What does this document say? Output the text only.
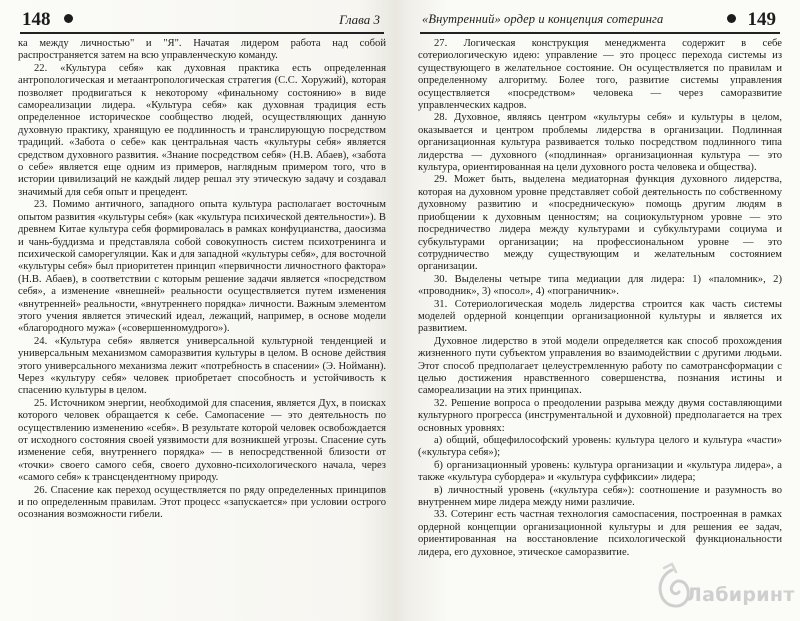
148	Глава 3

ка между личностью" и "Я". Начатая лидером работа над собой распространяется затем на всю управленческую команду.

22. «Культура себя» как духовная практика есть определенная антропологическая и метаантропологическая стратегия (С.С. Хоружий), которая позволяет продвигаться к некоторому «финальному состоянию» в виде самореализации лидера. «Культура себя» как духовная традиция есть определенное историческое сообщество людей, осуществляющих данную духовную практику, хранящую ее подлинность и транслирующую посредством традиций. «Забота о себе» как центральная часть «культуры себя» является средством духовного развития. «Знание посредством себя» (Н.В. Абаев), «забота о себе» является еще одним из примеров, наглядным примером того, что в истории цивилизаций не каждый лидер решал эту этическую задачу и создавал значимый для себя опыт и прецедент.

23. Помимо античного, западного опыта культура располагает восточным опытом развития «культуры себя» (как «культура психической деятельности»). В древнем Китае культура себя формировалась в рамках конфуцианства, даосизма и чань-буддизма и представляла собой совокупность систем психотренинга и психической саморегуляции. Как и для западной «культуры себя», для восточной «культуры себя» был приоритетен принцип «первичности личностного фактора» (Н.В. Абаев), в соответствии с которым решение задачи является «посредством себя», а изменение «внешней» реальности осуществляется путем изменения «внутренней» реальности, «внутреннего порядка» личности. Важным элементом этого учения является этический идеал, лежащий, например, в основе модели «благородного мужа» («совершенномудрого»).

24. «Культура себя» является универсальной культурной тенденцией и универсальным механизмом саморазвития культуры в целом. В основе действия этого универсального механизма лежит «потребность в спасении» (Э. Нойманн). Через «культуру себя» человек приобретает способность и устойчивость к спасению культуры в целом.

25. Источником энергии, необходимой для спасения, является Дух, в поисках которого человек обращается к себе. Самопасение — это деятельность по осуществлению изменению «себя». В результате которой человек освобождается от исходного состояния своей уязвимости для возникшей угрозы. Спасение суть изменение себя, внутреннего порядка» — в непосредственной близости от «точки» своего самого себя, своего духовно-психологического начала, через «самого себя» к трансцендентному природу.

26. Спасение как переход осуществляется по ряду определенных принципов и по определенным правилам. Этот процесс «запускается» при условии острого осознания возможности гибели.

«Внутренний» ордер и концепция сотеринга	149

27. Логическая конструкция менеджмента содержит в себе сотериологическую идею: управление — это процесс перехода системы из существующего в желательное состояние. Он осуществляется по правилам и определенному алгоритму. Более того, развитие системы управления осуществляется «посредством» человека — через саморазвитие управленческих кадров.

28. Духовное, являясь центром «культуры себя» и культуры в целом, оказывается и центром проблемы лидерства в организации. Подлинная организационная культура развивается только посредством подлинного типа лидерства — духовного («подлинная» организационная культура — это культура, ориентированная на цели духовного роста человека и общества).

29. Может быть, выделена медиаторная функция духовного лидерства, которая на духовном уровне представляет собой деятельность по собственному духовному развитию и «посредническую» помощь другим людям в приобщении к духовным ценностям; на социокультурном уровне — это посредничество лидера между культурами и субкультурами социума и субкультурами организации; на профессиональном уровне — это сотрудничество между существующим и желательным состоянием организации.

30. Выделены четыре типа медиации для лидера: 1) «паломник», 2) «проводник», 3) «посол», 4) «пограничник».

31. Сотериологическая модель лидерства строится как часть системы моделей ордерной концепции организационной культуры и является их развитием.

Духовное лидерство в этой модели определяется как способ прохождения жизненного пути субъектом управления во взаимодействии с другими людьми. Этот способ предполагает целеустремленную работу по самотрансформации с целью достижения нравственного совершенства, познания истины и самореализации на этих принципах.

32. Решение вопроса о преодолении разрыва между двумя составляющими культурного прогресса (инструментальной и духовной) предполагается на трех основных уровнях:

а) общий, общефилософский уровень: культура целого и культура «части» («культура себя»);

б) организационный уровень: культура организации и «культура лидера», а также «культура субордера» и «культура суффиксии» лидера;

в) личностный уровень («культура себя»): соотношение и разумность во внутреннем мире лидера между ними различие.

33. Сотеринг есть частная технология самоспасения, построенная в рамках ордерной концепции организационной культуры и для решения ее задач, ориентированная на восстановление психологической функциональности лидера, его духовное, этическое саморазвитие.

Лабиринт
